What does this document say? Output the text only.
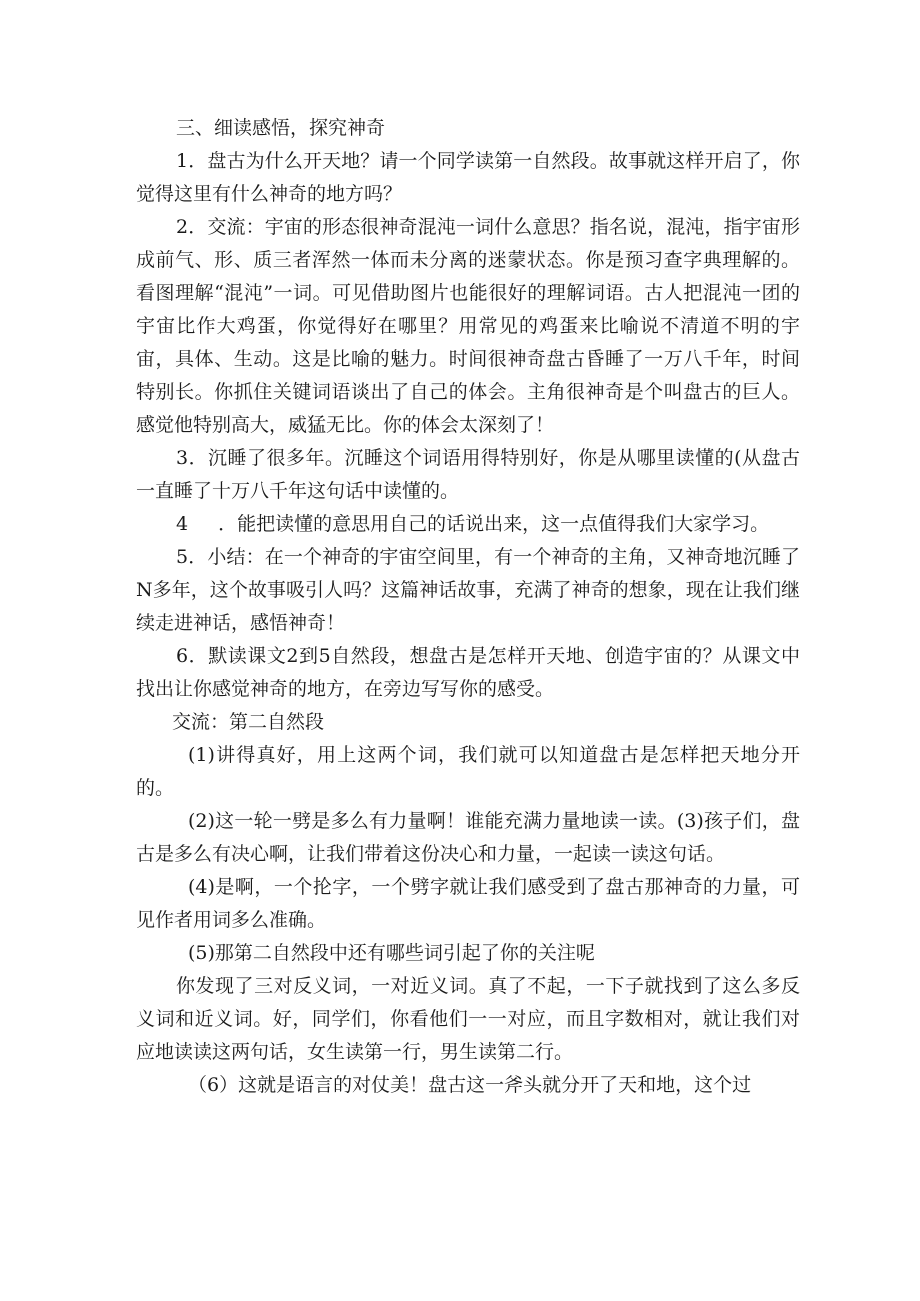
三、细读感悟，探究神奇

1．盘古为什么开天地？请一个同学读第一自然段。故事就这样开启了，你觉得这里有什么神奇的地方吗？

2．交流：宇宙的形态很神奇混沌一词什么意思？指名说，混沌，指宇宙形成前气、形、质三者浑然一体而未分离的迷蒙状态。你是预习查字典理解的。看图理解“混沌”一词。可见借助图片也能很好的理解词语。古人把混沌一团的宇宙比作大鸡蛋，你觉得好在哪里？用常见的鸡蛋来比喻说不清道不明的宇宙，具体、生动。这是比喻的魅力。时间很神奇盘古昏睡了一万八千年，时间特别长。你抓住关键词语谈出了自己的体会。主角很神奇是个叫盘古的巨人。感觉他特别高大，威猛无比。你的体会太深刻了！

3．沉睡了很多年。沉睡这个词语用得特别好，你是从哪里读懂的(从盘古一直睡了十万八千年这句话中读懂的。

4 ．能把读懂的意思用自己的话说出来，这一点值得我们大家学习。

5．小结：在一个神奇的宇宙空间里，有一个神奇的主角，又神奇地沉睡了N多年，这个故事吸引人吗？这篇神话故事，充满了神奇的想象，现在让我们继续走进神话，感悟神奇！

6．默读课文2到5自然段，想盘古是怎样开天地、创造宇宙的？从课文中找出让你感觉神奇的地方，在旁边写写你的感受。

交流：第二自然段

(1)讲得真好，用上这两个词，我们就可以知道盘古是怎样把天地分开的。

(2)这一轮一劈是多么有力量啊！谁能充满力量地读一读。(3)孩子们，盘古是多么有决心啊，让我们带着这份决心和力量，一起读一读这句话。

(4)是啊，一个抡字，一个劈字就让我们感受到了盘古那神奇的力量，可见作者用词多么准确。

(5)那第二自然段中还有哪些词引起了你的关注呢

你发现了三对反义词，一对近义词。真了不起，一下子就找到了这么多反义词和近义词。好，同学们，你看他们一一对应，而且字数相对，就让我们对应地读读这两句话，女生读第一行，男生读第二行。

（6）这就是语言的对仗美！盘古这一斧头就分开了天和地，这个过
